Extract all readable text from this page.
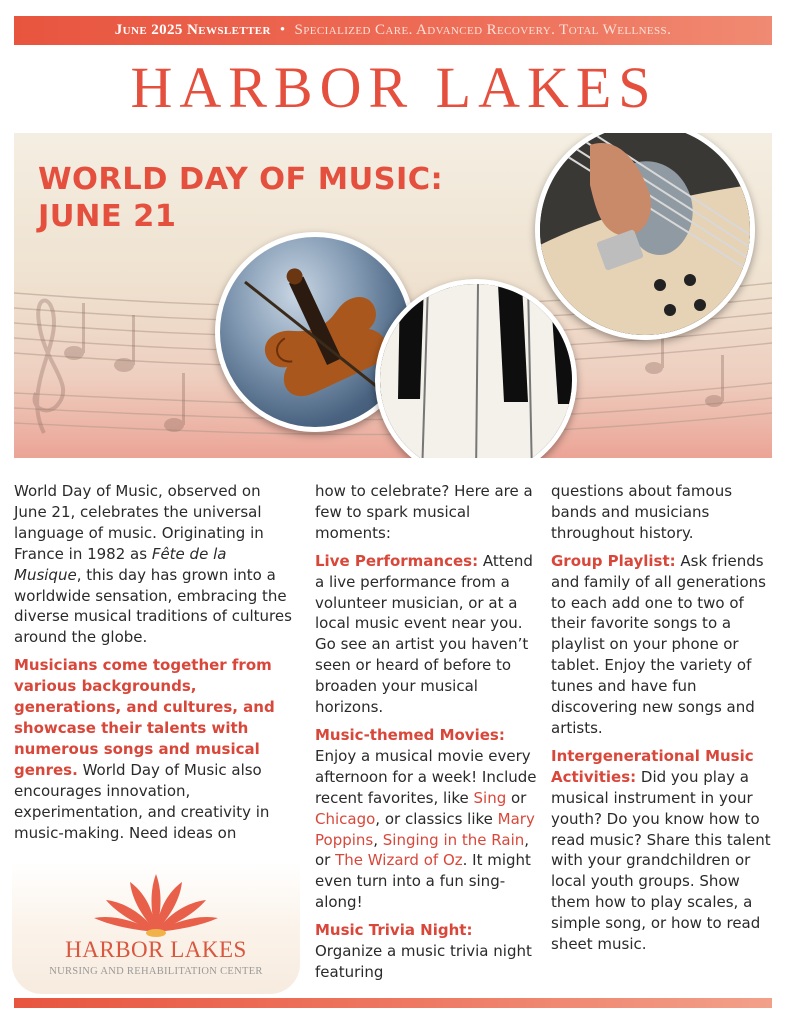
June 2025 Newsletter • Specialized Care. Advanced Recovery. Total Wellness.
HARBOR LAKES
WORLD DAY OF MUSIC:
JUNE 21

World Day of Music, observed on June 21, celebrates the universal language of music. Originating in France in 1982 as Fête de la Musique, this day has grown into a worldwide sensation, embracing the diverse musical traditions of cultures around the globe.

Musicians come together from various backgrounds, generations, and cultures, and showcase their talents with numerous songs and musical genres. World Day of Music also encourages innovation, experimentation, and creativity in music-making. Need ideas on

how to celebrate? Here are a few to spark musical moments:

Live Performances: Attend a live performance from a volunteer musician, or at a local music event near you. Go see an artist you haven’t seen or heard of before to broaden your musical horizons.

Music-themed Movies: Enjoy a musical movie every afternoon for a week! Include recent favorites, like Sing or Chicago, or classics like Mary Poppins, Singing in the Rain, or The Wizard of Oz. It might even turn into a fun sing-along!

Music Trivia Night: Organize a music trivia night featuring

questions about famous bands and musicians throughout history.

Group Playlist: Ask friends and family of all generations to each add one to two of their favorite songs to a playlist on your phone or tablet. Enjoy the variety of tunes and have fun discovering new songs and artists.

Intergenerational Music Activities: Did you play a musical instrument in your youth? Do you know how to read music? Share this talent with your grandchildren or local youth groups. Show them how to play scales, a simple song, or how to read sheet music.

HARBOR LAKES
NURSING AND REHABILITATION CENTER
